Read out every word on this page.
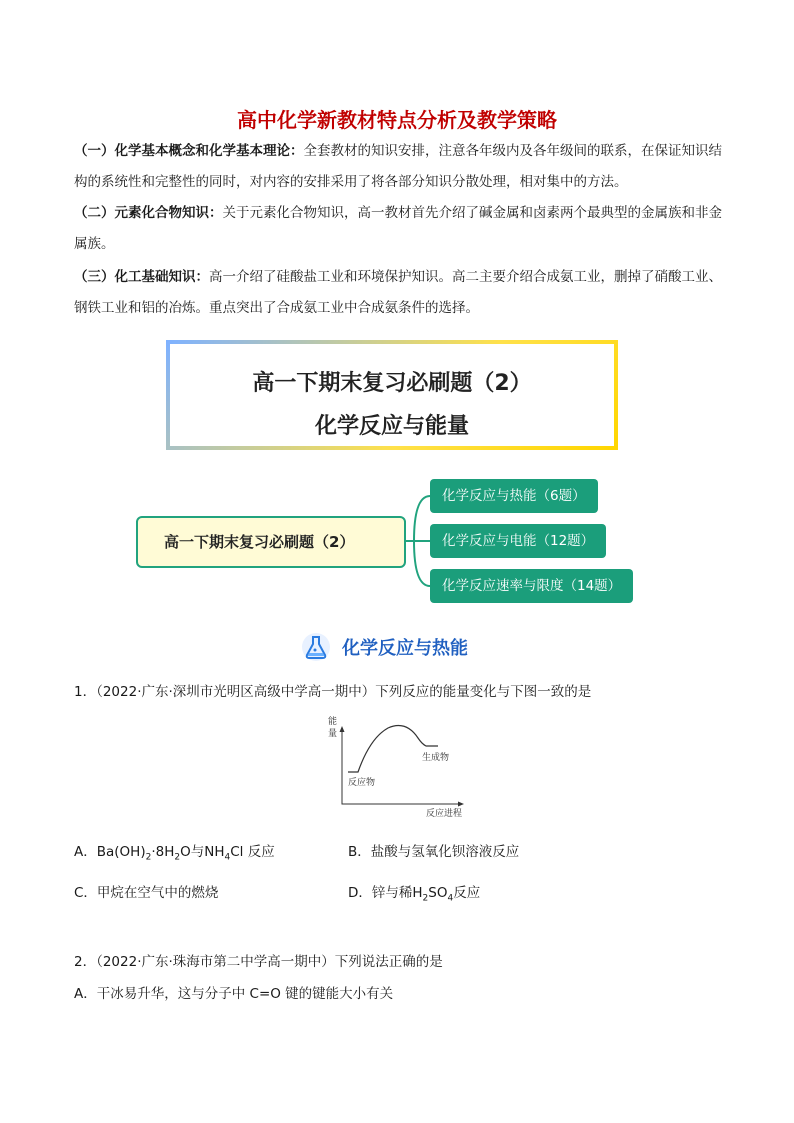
高中化学新教材特点分析及教学策略

（一）化学基本概念和化学基本理论：全套教材的知识安排，注意各年级内及各年级间的联系，在保证知识结构的系统性和完整性的同时，对内容的安排采用了将各部分知识分散处理，相对集中的方法。

（二）元素化合物知识：关于元素化合物知识，高一教材首先介绍了碱金属和卤素两个最典型的金属族和非金属族。

（三）化工基础知识：高一介绍了硅酸盐工业和环境保护知识。高二主要介绍合成氨工业，删掉了硝酸工业、钢铁工业和铝的冶炼。重点突出了合成氨工业中合成氨条件的选择。

高一下期末复习必刷题（2）
化学反应与能量
高一下期末复习必刷题（2）
化学反应与热能（6题）
化学反应与电能（12题）
化学反应速率与限度（14题）
化学反应与热能
1．（2022·广东·深圳市光明区高级中学高一期中）下列反应的能量变化与下图一致的是
能
量
反应物
生成物
反应进程
A．$Ba(OH)_2\cdot 8H_2O$与$NH_4Cl$ 反应	B．盐酸与氢氧化钡溶液反应
C．甲烷在空气中的燃烧	D．锌与稀$H_2SO_4$反应
2．（2022·广东·珠海市第二中学高一期中）下列说法正确的是
A．干冰易升华，这与分子中 C=O 键的键能大小有关
